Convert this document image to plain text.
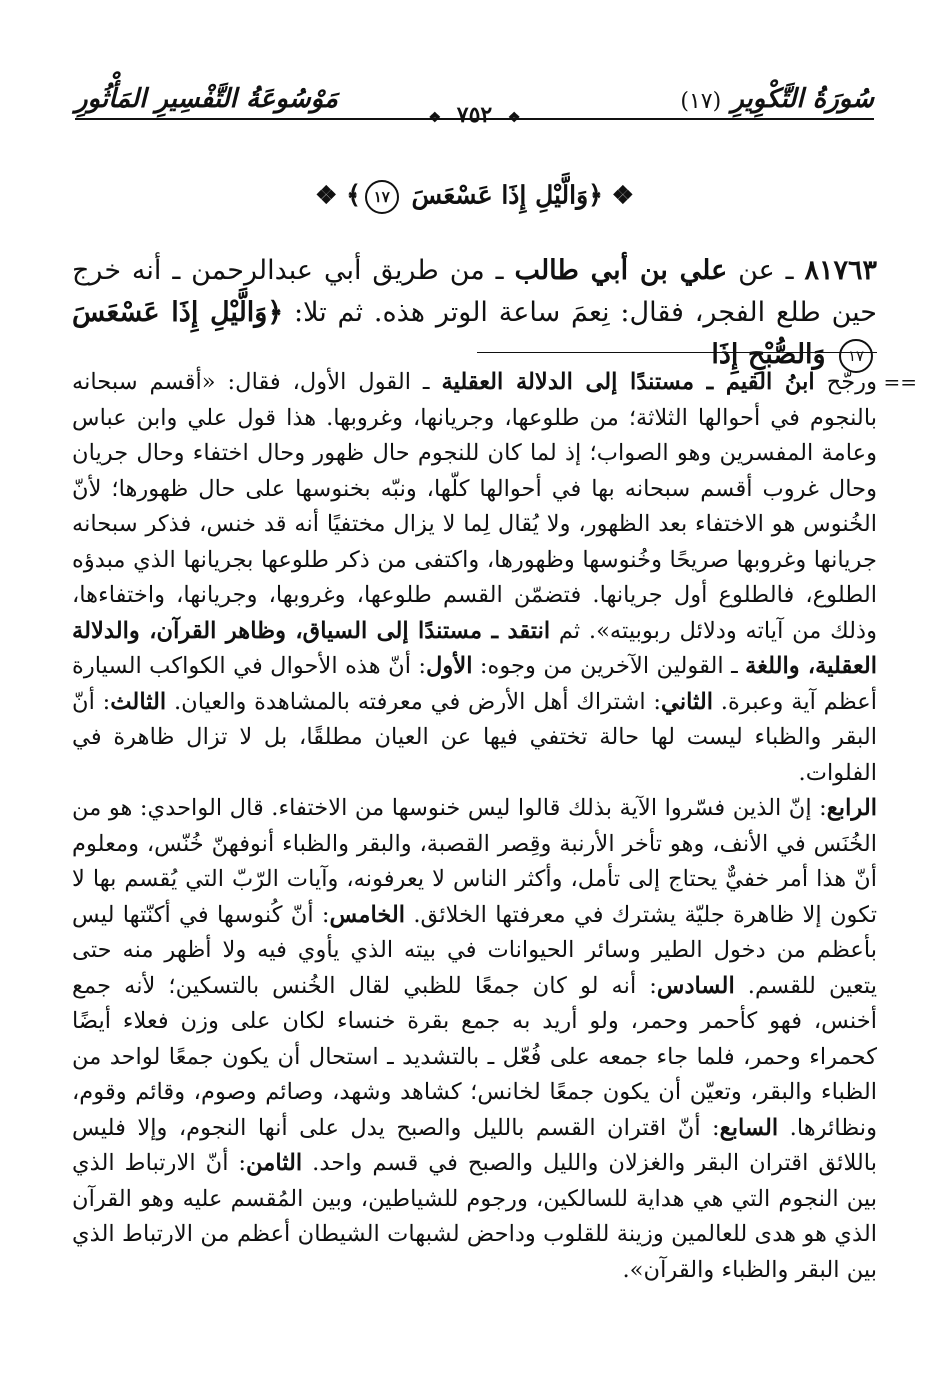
سُورَةُ التَّكْوِيرِ
(١٧)
مَوْسُوعَةُ التَّفْسِيرِ المَأْثُورِ
❖ ٧٥٢ ❖
❖ ﴿وَالَّيْلِ إِذَا عَسْعَسَ ١٧﴾ ❖
٨١٧٦٣ ـ عن علي بن أبي طالب ـ من طريق أبي عبدالرحمن ـ أنه خرج حين طلع الفجر، فقال: نِعمَ ساعة الوتر هذه. ثم تلا: ﴿وَالَّيْلِ إِذَا عَسْعَسَ ١٧ وَالصُّبْحِ إِذَا
==

ورجّح ابنُ القيم ـ مستندًا إلى الدلالة العقلية ـ القول الأول، فقال: «أقسم سبحانه بالنجوم في أحوالها الثلاثة؛ من طلوعها، وجريانها، وغروبها. هذا قول علي وابن عباس وعامة المفسرين وهو الصواب؛ إذ لما كان للنجوم حال ظهور وحال اختفاء وحال جريان وحال غروب أقسم سبحانه بها في أحوالها كلّها، ونبّه بخنوسها على حال ظهورها؛ لأنّ الخُنوس هو الاختفاء بعد الظهور، ولا يُقال لِما لا يزال مختفيًا أنه قد خنس، فذكر سبحانه جريانها وغروبها صريحًا وخُنوسها وظهورها، واكتفى من ذكر طلوعها بجريانها الذي مبدؤه الطلوع، فالطلوع أول جريانها. فتضمّن القسم طلوعها، وغروبها، وجريانها، واختفاءها، وذلك من آياته ودلائل ربوبيته». ثم انتقد ـ مستندًا إلى السياق، وظاهر القرآن، والدلالة العقلية، واللغة ـ القولين الآخرين من وجوه: الأول: أنّ هذه الأحوال في الكواكب السيارة أعظم آية وعبرة. الثاني: اشتراك أهل الأرض في معرفته بالمشاهدة والعيان. الثالث: أنّ البقر والظباء ليست لها حالة تختفي فيها عن العيان مطلقًا، بل لا تزال ظاهرة في الفلوات.

الرابع: إنّ الذين فسّروا الآية بذلك قالوا ليس خنوسها من الاختفاء. قال الواحدي: هو من الخُنَس في الأنف، وهو تأخر الأرنبة وقِصر القصبة، والبقر والظباء أنوفهنّ خُنّس، ومعلوم أنّ هذا أمر خفيٌّ يحتاج إلى تأمل، وأكثر الناس لا يعرفونه، وآيات الرّبّ التي يُقسم بها لا تكون إلا ظاهرة جليّة يشترك في معرفتها الخلائق. الخامس: أنّ كُنوسها في أكنّتها ليس بأعظم من دخول الطير وسائر الحيوانات في بيته الذي يأوي فيه ولا أظهر منه حتى يتعين للقسم. السادس: أنه لو كان جمعًا للظبي لقال الخُنس بالتسكين؛ لأنه جمع أخنس، فهو كأحمر وحمر، ولو أريد به جمع بقرة خنساء لكان على وزن فعلاء أيضًا كحمراء وحمر، فلما جاء جمعه على فُعّل ـ بالتشديد ـ استحال أن يكون جمعًا لواحد من الظباء والبقر، وتعيّن أن يكون جمعًا لخانس؛ كشاهد وشهد، وصائم وصوم، وقائم وقوم، ونظائرها. السابع: أنّ اقتران القسم بالليل والصبح يدل على أنها النجوم، وإلا فليس باللائق اقتران البقر والغزلان والليل والصبح في قسم واحد. الثامن: أنّ الارتباط الذي بين النجوم التي هي هداية للسالكين، ورجوم للشياطين، وبين المُقسم عليه وهو القرآن الذي هو هدى للعالمين وزينة للقلوب وداحض لشبهات الشيطان أعظم من الارتباط الذي بين البقر والظباء والقرآن».
